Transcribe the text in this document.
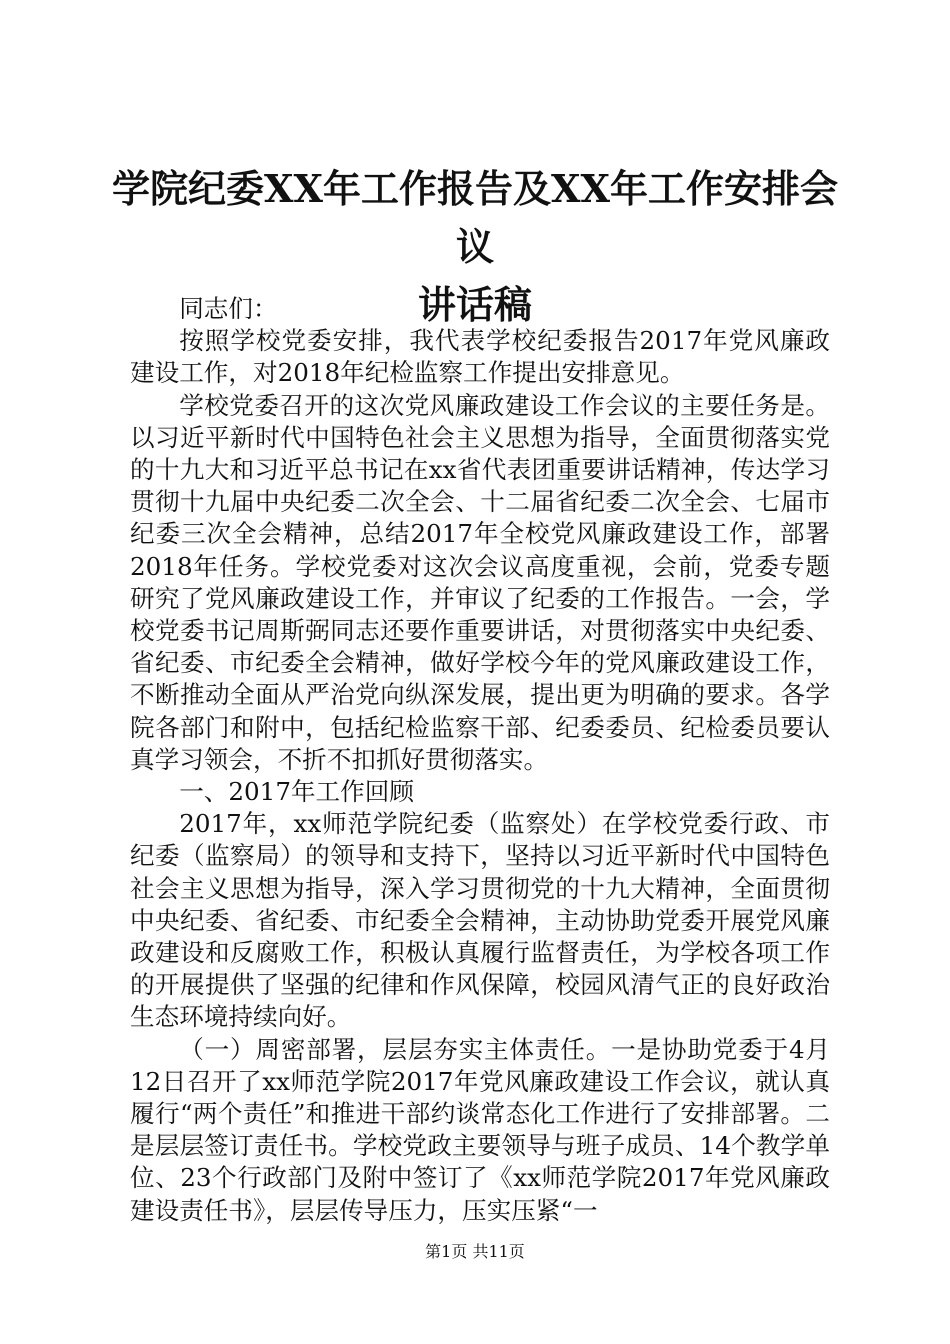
学院纪委XX年工作报告及XX年工作安排会议
讲话稿

同志们：

按照学校党委安排，我代表学校纪委报告2017年党风廉政建设工作，对2018年纪检监察工作提出安排意见。

学校党委召开的这次党风廉政建设工作会议的主要任务是。以习近平新时代中国特色社会主义思想为指导，全面贯彻落实党的十九大和习近平总书记在xx省代表团重要讲话精神，传达学习贯彻十九届中央纪委二次全会、十二届省纪委二次全会、七届市纪委三次全会精神，总结2017年全校党风廉政建设工作，部署2018年任务。学校党委对这次会议高度重视，会前，党委专题研究了党风廉政建设工作，并审议了纪委的工作报告。一会，学校党委书记周斯弼同志还要作重要讲话，对贯彻落实中央纪委、省纪委、市纪委全会精神，做好学校今年的党风廉政建设工作，不断推动全面从严治党向纵深发展，提出更为明确的要求。各学院各部门和附中，包括纪检监察干部、纪委委员、纪检委员要认真学习领会，不折不扣抓好贯彻落实。

一、2017年工作回顾

2017年，xx师范学院纪委（监察处）在学校党委行政、市纪委（监察局）的领导和支持下，坚持以习近平新时代中国特色社会主义思想为指导，深入学习贯彻党的十九大精神，全面贯彻中央纪委、省纪委、市纪委全会精神，主动协助党委开展党风廉政建设和反腐败工作，积极认真履行监督责任，为学校各项工作的开展提供了坚强的纪律和作风保障，校园风清气正的良好政治生态环境持续向好。

（一）周密部署，层层夯实主体责任。一是协助党委于4月12日召开了xx师范学院2017年党风廉政建设工作会议，就认真履行“两个责任”和推进干部约谈常态化工作进行了安排部署。二是层层签订责任书。学校党政主要领导与班子成员、14个教学单位、23个行政部门及附中签订了《xx师范学院2017年党风廉政建设责任书》，层层传导压力，压实压紧“一

第1页 共11页
